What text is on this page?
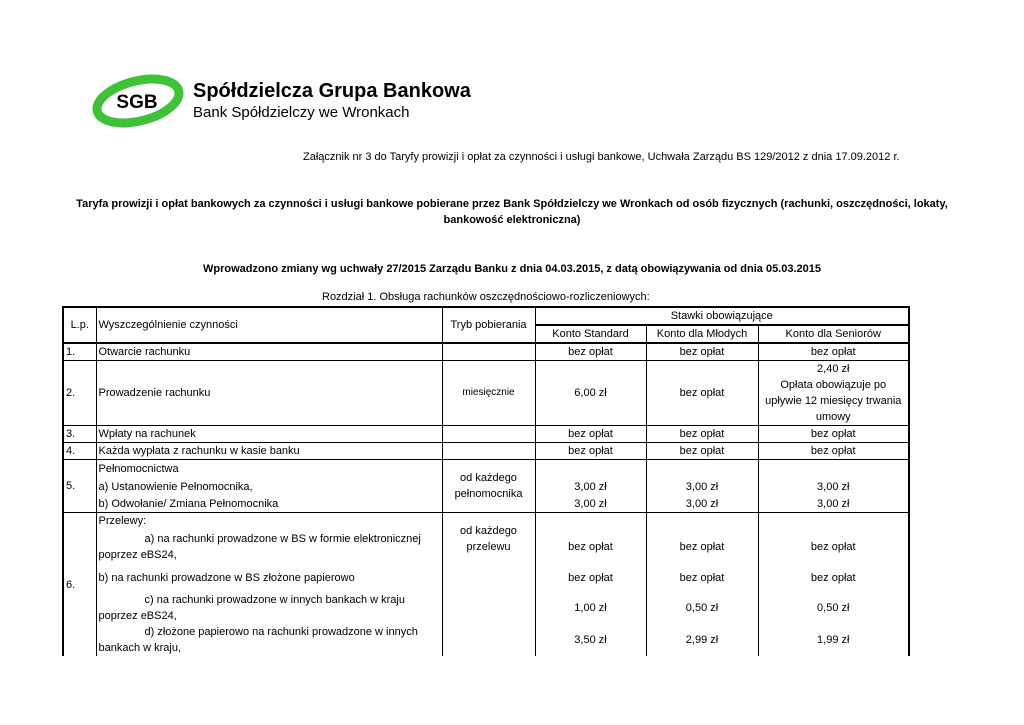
SGB
Spółdzielcza Grupa Bankowa
Bank Spółdzielczy we Wronkach
Załącznik nr 3 do Taryfy prowizji i opłat za czynności i usługi bankowe, Uchwała Zarządu BS 129/2012 z dnia 17.09.2012 r.
Taryfa prowizji i opłat bankowych za czynności i usługi bankowe pobierane przez Bank Spółdzielczy we Wronkach od osób fizycznych (rachunki, oszczędności, lokaty,
bankowość elektroniczna)
Wprowadzono zmiany wg uchwały 27/2015 Zarządu Banku z dnia 04.03.2015, z datą obowiązywania od dnia 05.03.2015
Rozdział 1. Obsługa rachunków oszczędnościowo-rozliczeniowych:
L.p.	Wyszczególnienie czynności	Tryb pobierania	Stawki obowiązujące		
			Konto Standard	Konto dla Młodych	Konto dla Seniorów
1.	Otwarcie rachunku		bez opłat	bez opłat	bez opłat
2.	Prowadzenie rachunku	miesięcznie	6,00 zł	bez opłat	2,40 zł
Opłata obowiązuje po
upływie 12 miesięcy trwania
umowy

3.	Wpłaty na rachunek		bez opłat	bez opłat	bez opłat
4.	Każda wypłata z rachunku w kasie banku		bez opłat	bez opłat	bez opłat
5.	Pełnomocnictwa	od każdego
pełnomocnika			

	a) Ustanowienie Pełnomocnika,		3,00 zł	3,00 zł	3,00 zł
	b) Odwołanie/ Zmiana Pełnomocnika		3,00 zł	3,00 zł	3,00 zł
6.	Przelewy:	od każdego
przelewu			

	a) na rachunki prowadzone w BS w formie elektronicznej
poprzez eBS24,		bez opłat	bez opłat	bez opłat
	b) na rachunki prowadzone w BS złożone papierowo		bez opłat	bez opłat	bez opłat

	c) na rachunki prowadzone w innych bankach w kraju
poprzez eBS24,		1,00 zł	0,50 zł	0,50 zł

	d) złożone papierowo na rachunki prowadzone w innych
bankach w kraju,		3,50 zł	2,99 zł	1,99 zł
